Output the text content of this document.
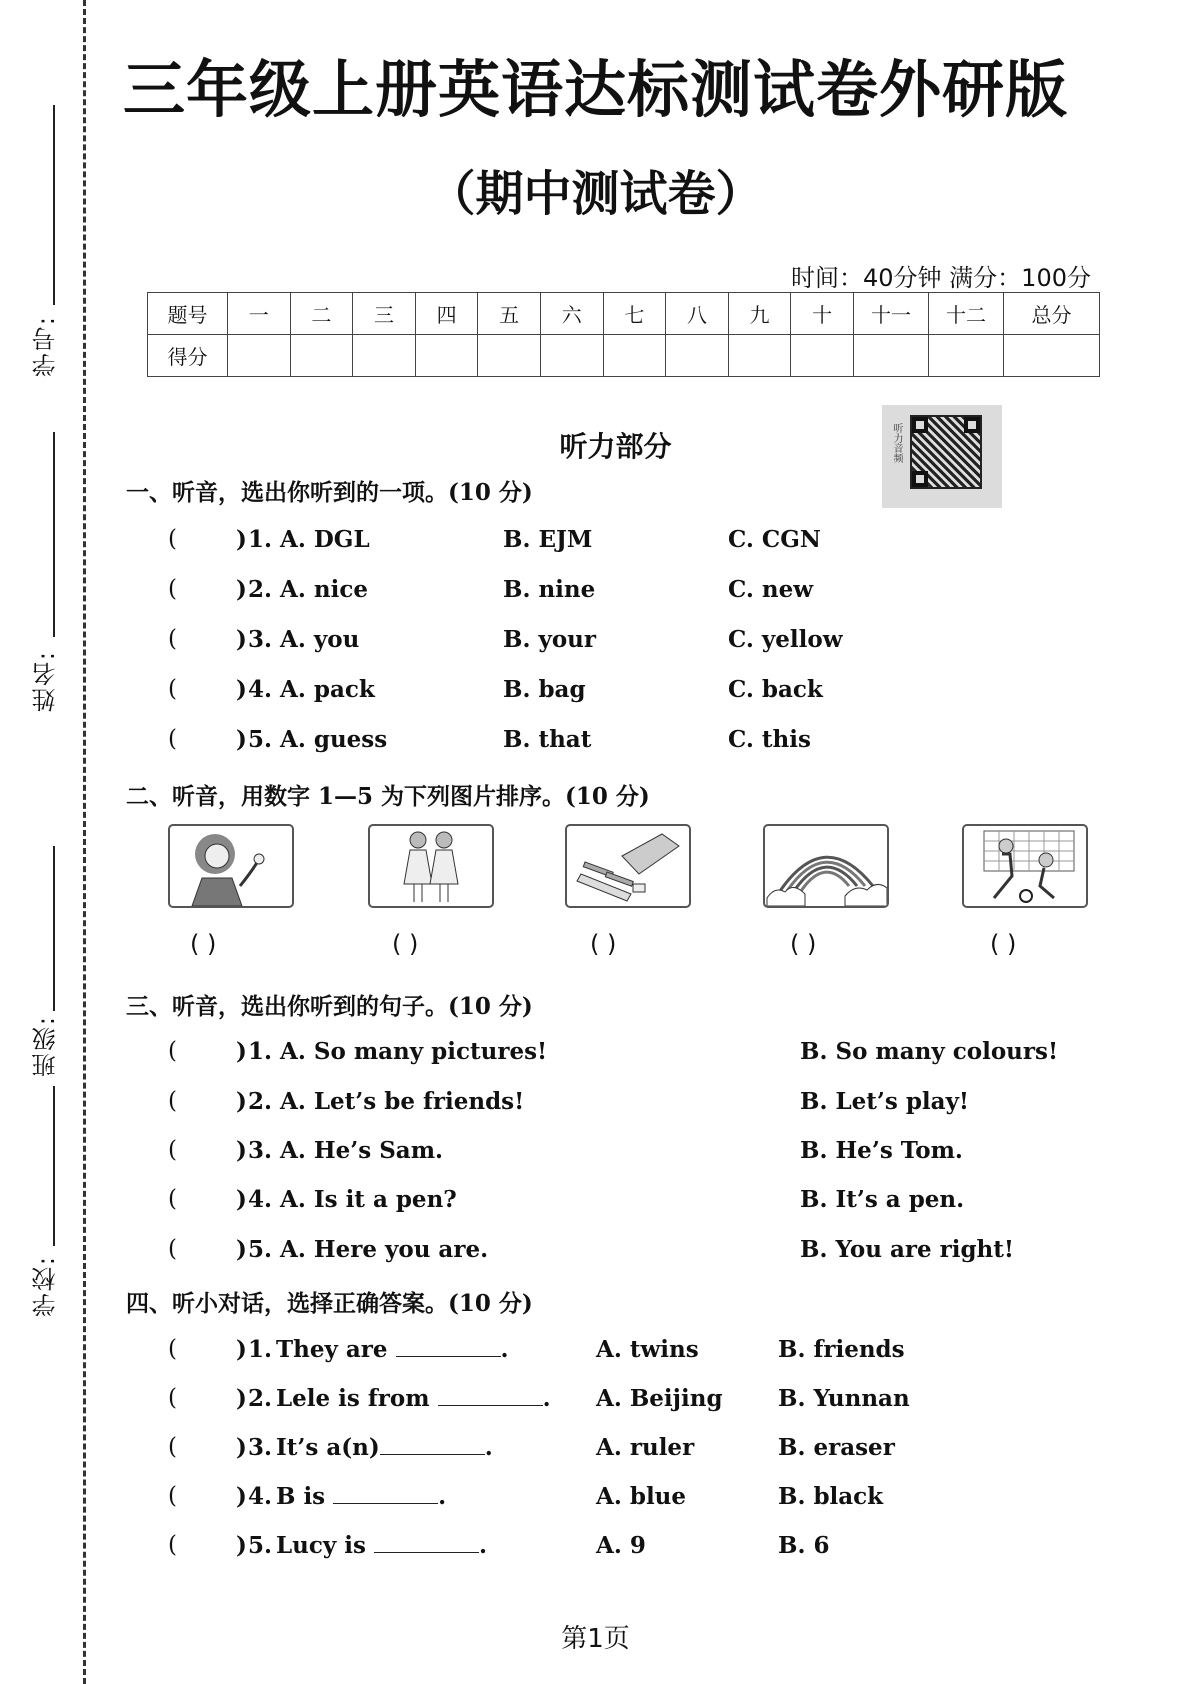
学号:
姓名:
班级:
学校:
三年级上册英语达标测试卷外研版
（期中测试卷）
时间：40分钟 满分：100分
题号	一	二	三	四	五	六	七	八	九	十	十一	十二	总分
得分													
听力部分	听力音频
一、听音，选出你听到的一项。(10 分)
(	) 1. A. DGL	B. EJM	C. CGN
(	) 2. A. nice	B. nine	C. new
(	) 3. A. you	B. your	C. yellow
(	) 4. A. pack	B. bag	C. back
(	) 5. A. guess	B. that	C. this
二、听音，用数字 1—5 为下列图片排序。(10 分)
( )	( )	( )	( )	( )
三、听音，选出你听到的句子。(10 分)
(	) 1. A. So many pictures!	B. So many colours!
(	) 2. A. Let’s be friends!	B. Let’s play!
(	) 3. A. He’s Sam.	B. He’s Tom.
(	) 4. A. Is it a pen?	B. It’s a pen.
(	) 5. A. Here you are.	B. You are right!
四、听小对话，选择正确答案。(10 分)
(	) 1. They are	.	A. twins	B. friends
(	) 2. Lele is from	. A. Beijing B. Yunnan
(	) 3. It’s a(n)	.	A. ruler	B. eraser
(	) 4. B is	.	A. blue	B. black
(	) 5. Lucy is	.	A. 9	B. 6
第1页
